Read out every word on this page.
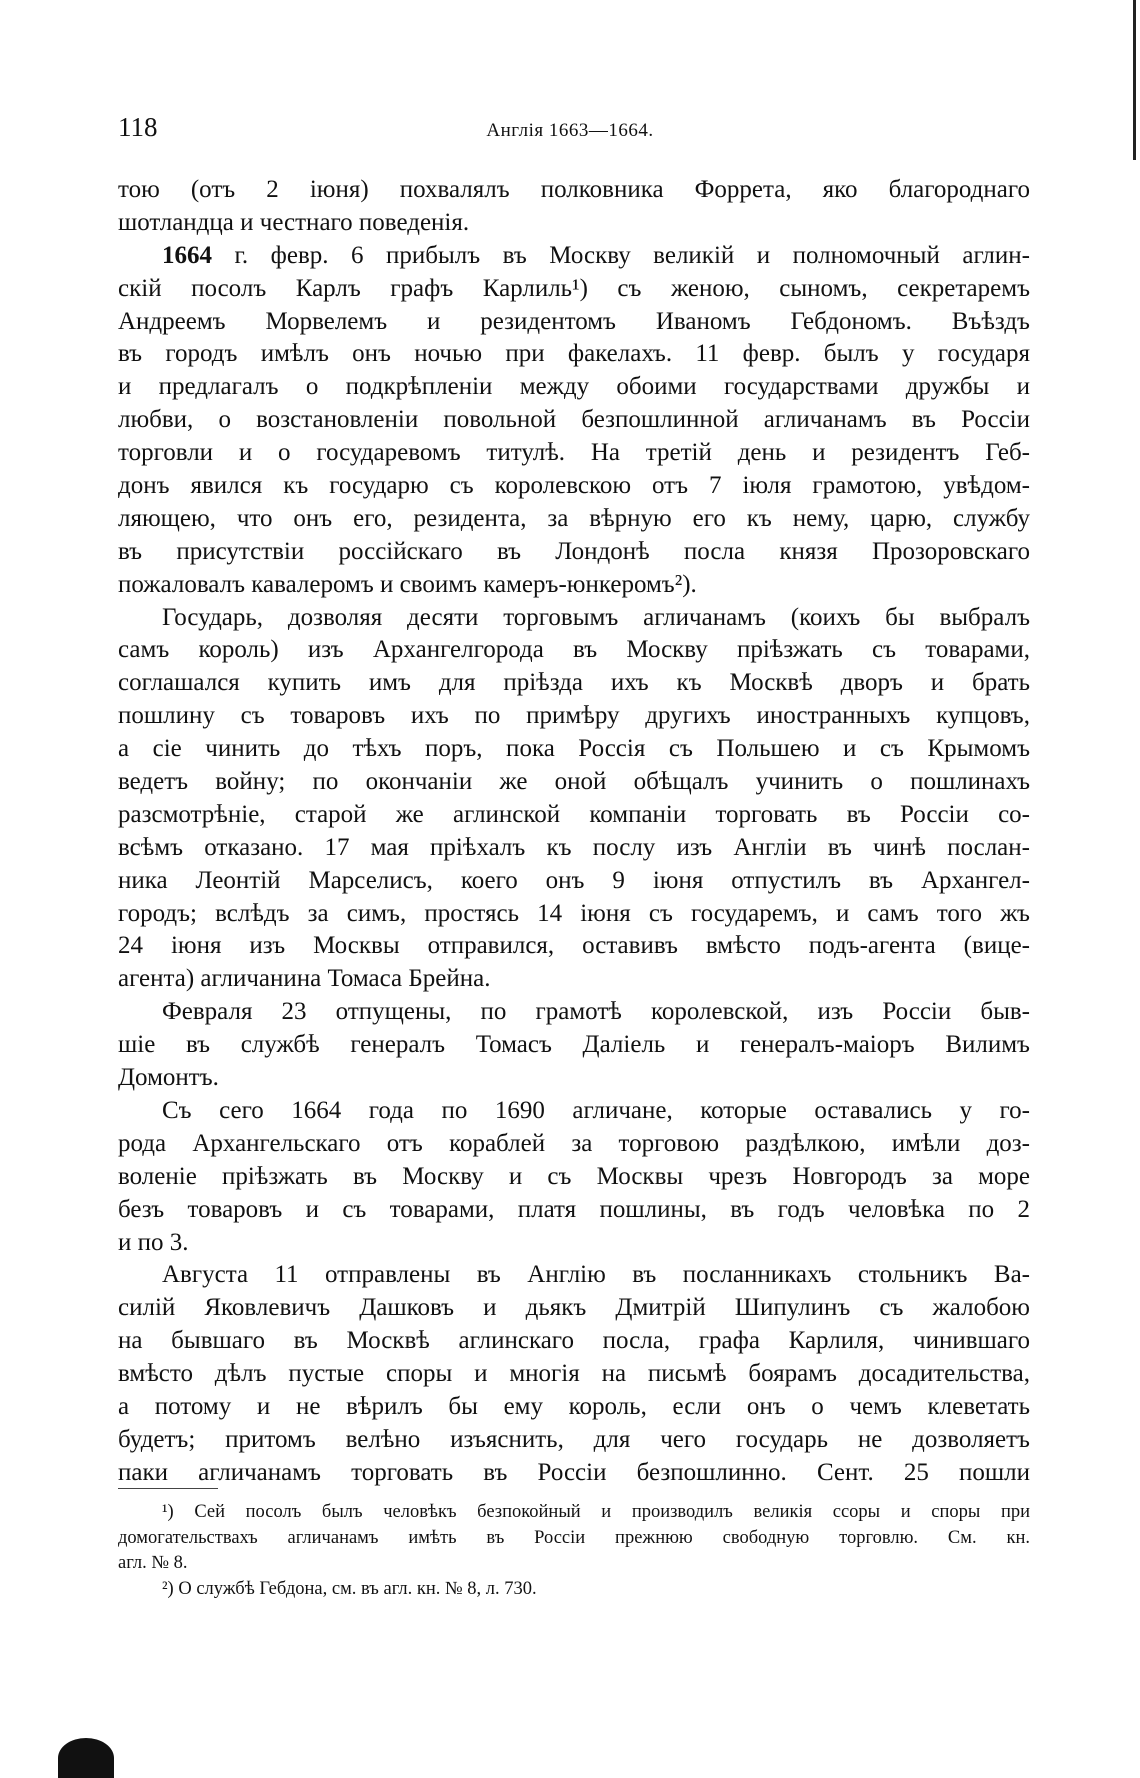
118	Англія 1663—1664.
тою (отъ 2 іюня) похвалялъ полковника Форрета, яко благороднаго
шотландца и честнаго поведенія.
1664 г. февр. 6 прибылъ въ Москву великій и полномочный аглин-
скій посолъ Карлъ графъ Карлиль¹) съ женою, сыномъ, секретаремъ
Андреемъ Морвелемъ и резидентомъ Иваномъ Гебдономъ. Въѣздъ
въ городъ имѣлъ онъ ночью при факелахъ. 11 февр. былъ у государя
и предлагалъ о подкрѣпленіи между обоими государствами дружбы и
любви, о возстановленіи повольной безпошлинной агличанамъ въ Россіи
торговли и о государевомъ титулѣ. На третій день и резидентъ Геб-
донъ явился къ государю съ королевскою отъ 7 іюля грамотою, увѣдом-
ляющею, что онъ его, резидента, за вѣрную его къ нему, царю, службу
въ присутствіи россійскаго въ Лондонѣ посла князя Прозоровскаго
пожаловалъ кавалеромъ и своимъ камеръ-юнкеромъ²).
Государь, дозволяя десяти торговымъ агличанамъ (коихъ бы выбралъ
самъ король) изъ Архангелгорода въ Москву пріѣзжать съ товарами,
соглашался купить имъ для пріѣзда ихъ къ Москвѣ дворъ и брать
пошлину съ товаровъ ихъ по примѣру другихъ иностранныхъ купцовъ,
а сіе чинить до тѣхъ поръ, пока Россія съ Польшею и съ Крымомъ
ведетъ войну; по окончаніи же оной обѣщалъ учинить о пошлинахъ
разсмотрѣніе, старой же аглинской компаніи торговать въ Россіи со-
всѣмъ отказано. 17 мая пріѣхалъ къ послу изъ Англіи въ чинѣ послан-
ника Леонтій Марселисъ, коего онъ 9 іюня отпустилъ въ Архангел-
городъ; вслѣдъ за симъ, простясь 14 іюня съ государемъ, и самъ того жъ
24 іюня изъ Москвы отправился, оставивъ вмѣсто подъ-агента (вице-
агента) агличанина Томаса Брейна.
Февраля 23 отпущены, по грамотѣ королевской, изъ Россіи быв-
шіе въ службѣ генералъ Томасъ Даліель и генералъ-маіоръ Вилимъ
Домонтъ.
Съ сего 1664 года по 1690 агличане, которые оставались у го-
рода Архангельскаго отъ кораблей за торговою раздѣлкою, имѣли доз-
воленіе пріѣзжать въ Москву и съ Москвы чрезъ Новгородъ за море
безъ товаровъ и съ товарами, платя пошлины, въ годъ человѣка по 2
и по 3.
Августа 11 отправлены въ Англію въ посланникахъ стольникъ Ва-
силій Яковлевичъ Дашковъ и дьякъ Дмитрій Шипулинъ съ жалобою
на бывшаго въ Москвѣ аглинскаго посла, графа Карлиля, чинившаго
вмѣсто дѣлъ пустые споры и многія на письмѣ боярамъ досадительства,
а потому и не вѣрилъ бы ему король, если онъ о чемъ клеветать
будетъ; притомъ велѣно изъяснить, для чего государь не дозволяетъ
паки агличанамъ торговать въ Россіи безпошлинно. Сент. 25 пошли
¹) Сей посолъ былъ человѣкъ безпокойный и производилъ великія ссоры и споры при
домогательствахъ агличанамъ имѣть въ Россіи прежнюю свободную торговлю. См. кн.
агл. № 8.
²) О службѣ Гебдона, см. въ агл. кн. № 8, л. 730.
